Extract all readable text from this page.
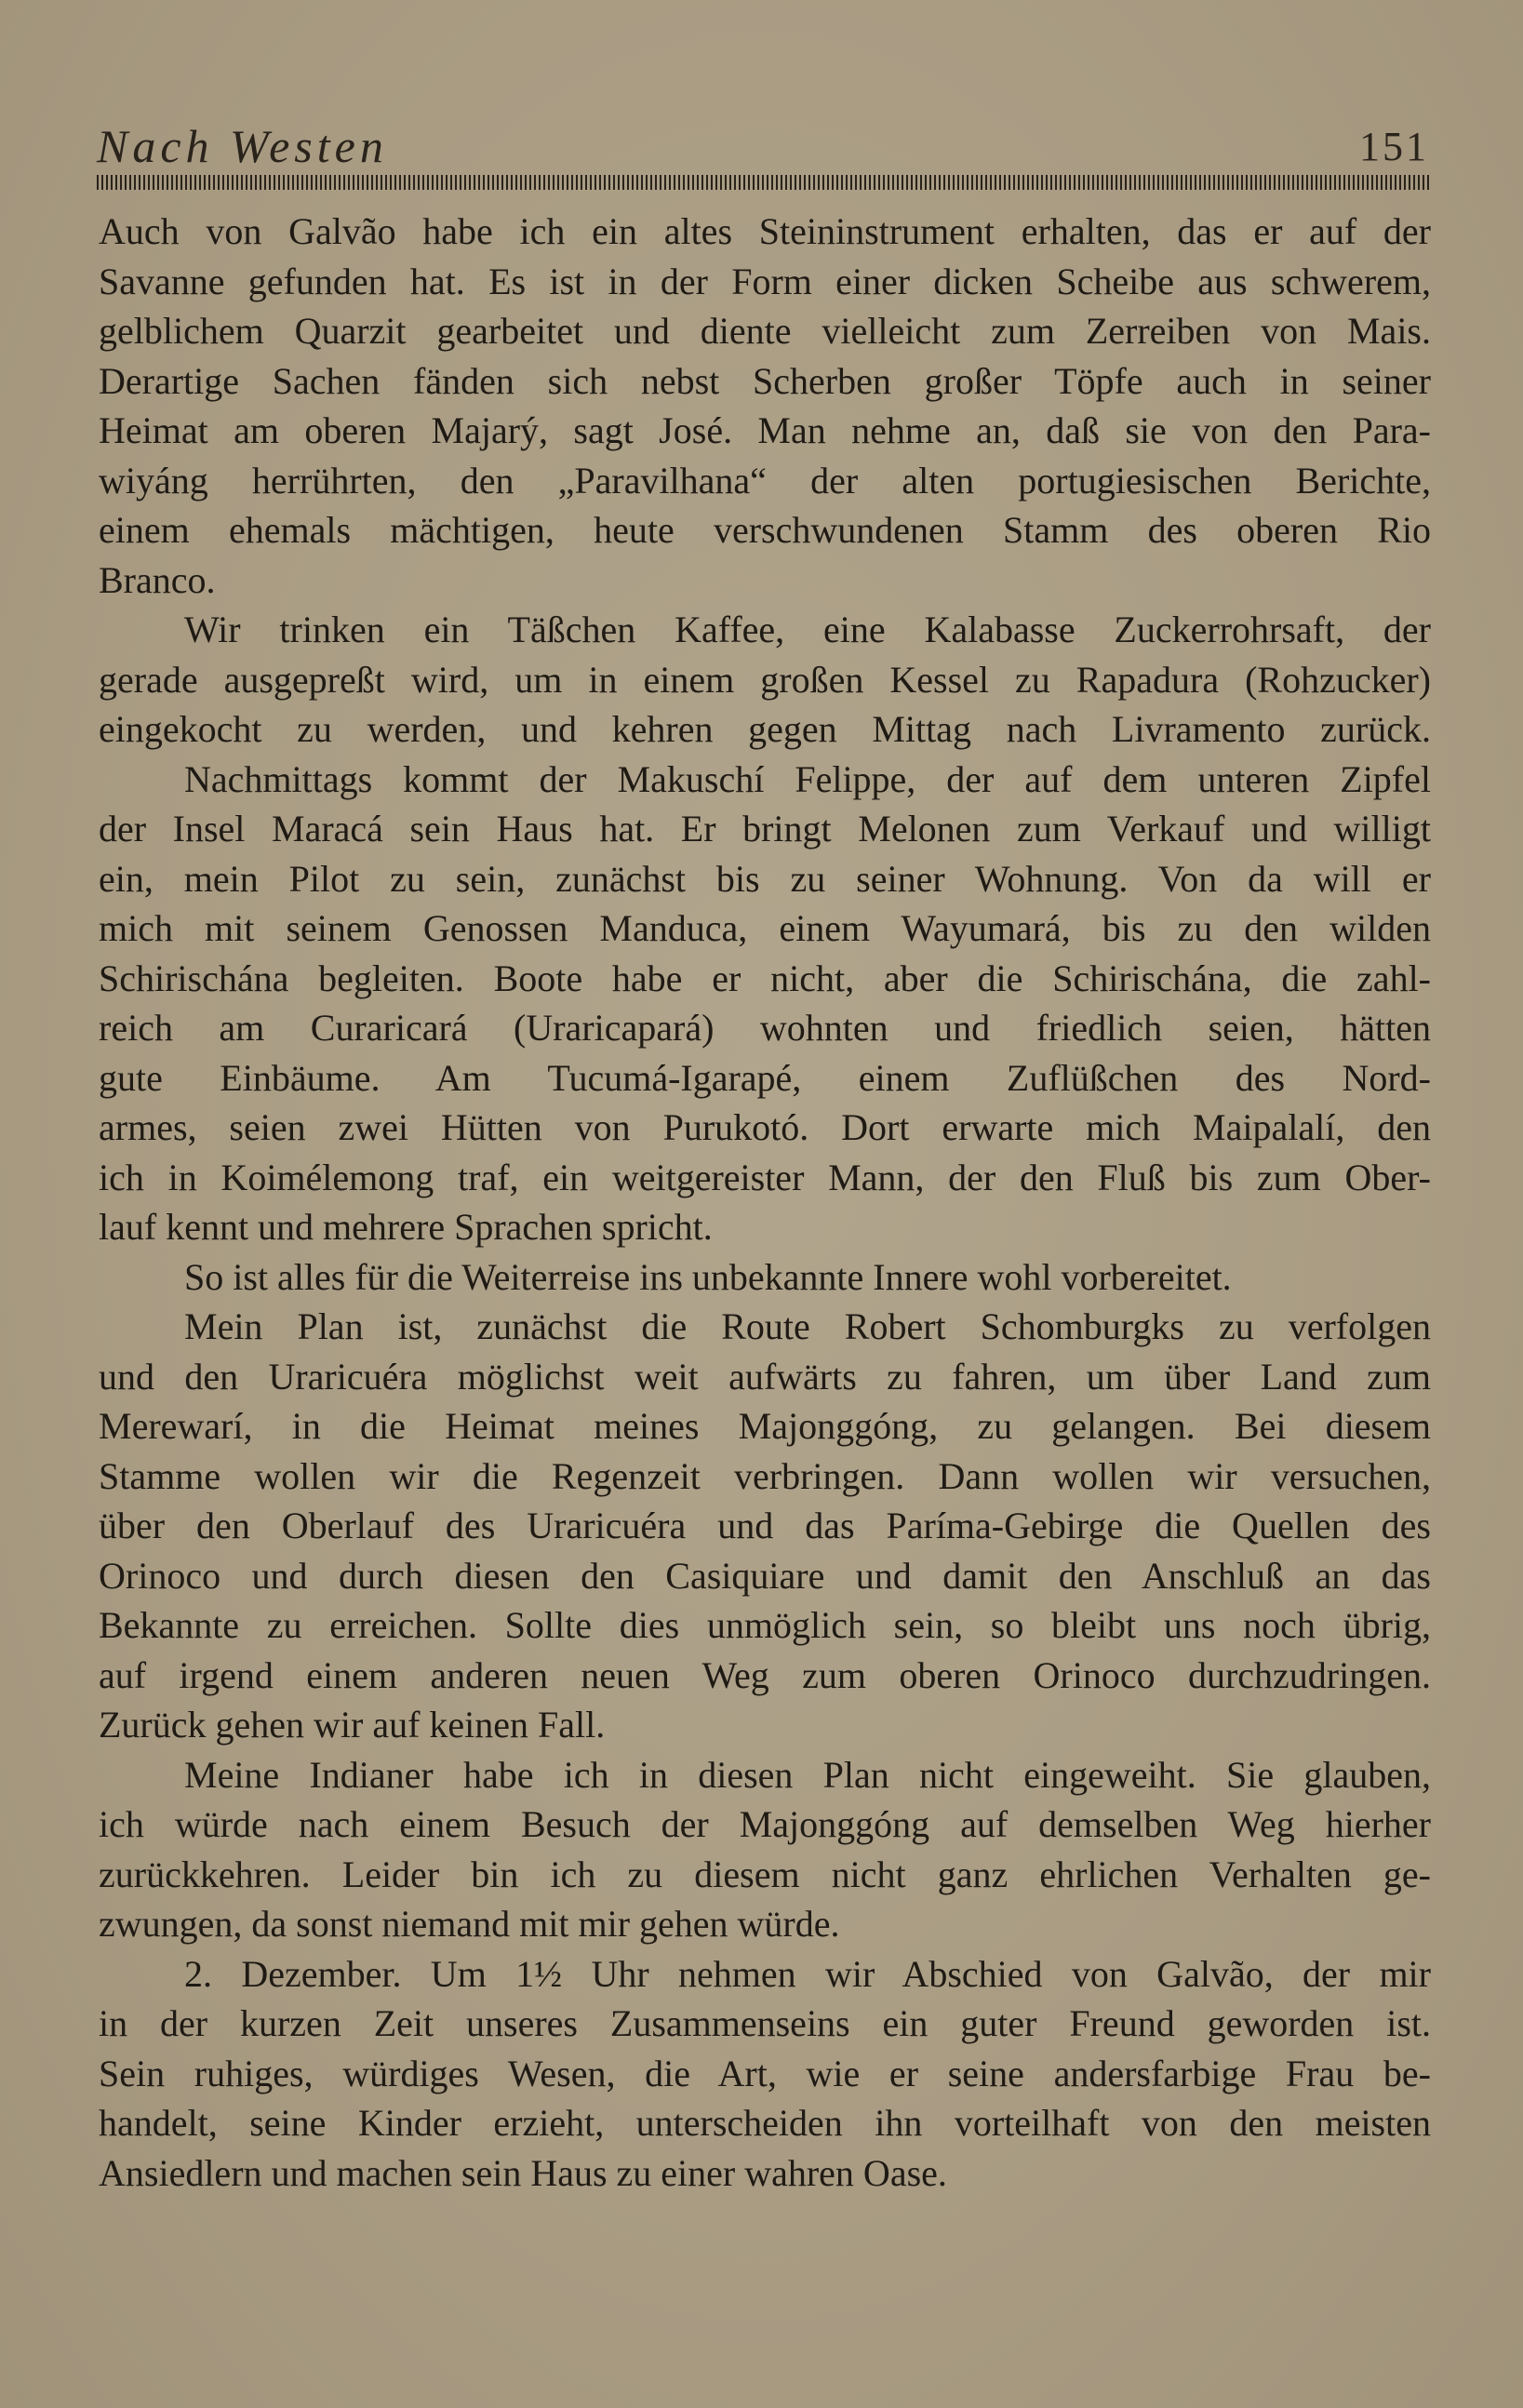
Nach Westen	151

Auch von Galvão habe ich ein altes Steininstrument erhalten, das er auf der
Savanne gefunden hat. Es ist in der Form einer dicken Scheibe aus schwerem,
gelblichem Quarzit gearbeitet und diente vielleicht zum Zerreiben von Mais.
Derartige Sachen fänden sich nebst Scherben großer Töpfe auch in seiner
Heimat am oberen Majarý, sagt José. Man nehme an, daß sie von den Para-
wiyáng herrührten, den „Paravilhana“ der alten portugiesischen Berichte,
einem ehemals mächtigen, heute verschwundenen Stamm des oberen Rio
Branco.

Wir trinken ein Täßchen Kaffee, eine Kalabasse Zuckerrohrsaft, der
gerade ausgepreßt wird, um in einem großen Kessel zu Rapadura (Rohzucker)
eingekocht zu werden, und kehren gegen Mittag nach Livramento zurück.

Nachmittags kommt der Makuschí Felippe, der auf dem unteren Zipfel
der Insel Maracá sein Haus hat. Er bringt Melonen zum Verkauf und willigt
ein, mein Pilot zu sein, zunächst bis zu seiner Wohnung. Von da will er
mich mit seinem Genossen Manduca, einem Wayumará, bis zu den wilden
Schirischána begleiten. Boote habe er nicht, aber die Schirischána, die zahl-
reich am Curaricará (Uraricapará) wohnten und friedlich seien, hätten
gute Einbäume. Am Tucumá-Igarapé, einem Zuflüßchen des Nord-
armes, seien zwei Hütten von Purukotó. Dort erwarte mich Maipalalí, den
ich in Koimélemong traf, ein weitgereister Mann, der den Fluß bis zum Ober-
lauf kennt und mehrere Sprachen spricht.

So ist alles für die Weiterreise ins unbekannte Innere wohl vorbereitet.

Mein Plan ist, zunächst die Route Robert Schomburgks zu verfolgen
und den Uraricuéra möglichst weit aufwärts zu fahren, um über Land zum
Merewarí, in die Heimat meines Majonggóng, zu gelangen. Bei diesem
Stamme wollen wir die Regenzeit verbringen. Dann wollen wir versuchen,
über den Oberlauf des Uraricuéra und das Paríma-Gebirge die Quellen des
Orinoco und durch diesen den Casiquiare und damit den Anschluß an das
Bekannte zu erreichen. Sollte dies unmöglich sein, so bleibt uns noch übrig,
auf irgend einem anderen neuen Weg zum oberen Orinoco durchzudringen.
Zurück gehen wir auf keinen Fall.

Meine Indianer habe ich in diesen Plan nicht eingeweiht. Sie glauben,
ich würde nach einem Besuch der Majonggóng auf demselben Weg hierher
zurückkehren. Leider bin ich zu diesem nicht ganz ehrlichen Verhalten ge-
zwungen, da sonst niemand mit mir gehen würde.

2. Dezember. Um 1½ Uhr nehmen wir Abschied von Galvão, der mir
in der kurzen Zeit unseres Zusammenseins ein guter Freund geworden ist.
Sein ruhiges, würdiges Wesen, die Art, wie er seine andersfarbige Frau be-
handelt, seine Kinder erzieht, unterscheiden ihn vorteilhaft von den meisten
Ansiedlern und machen sein Haus zu einer wahren Oase.
